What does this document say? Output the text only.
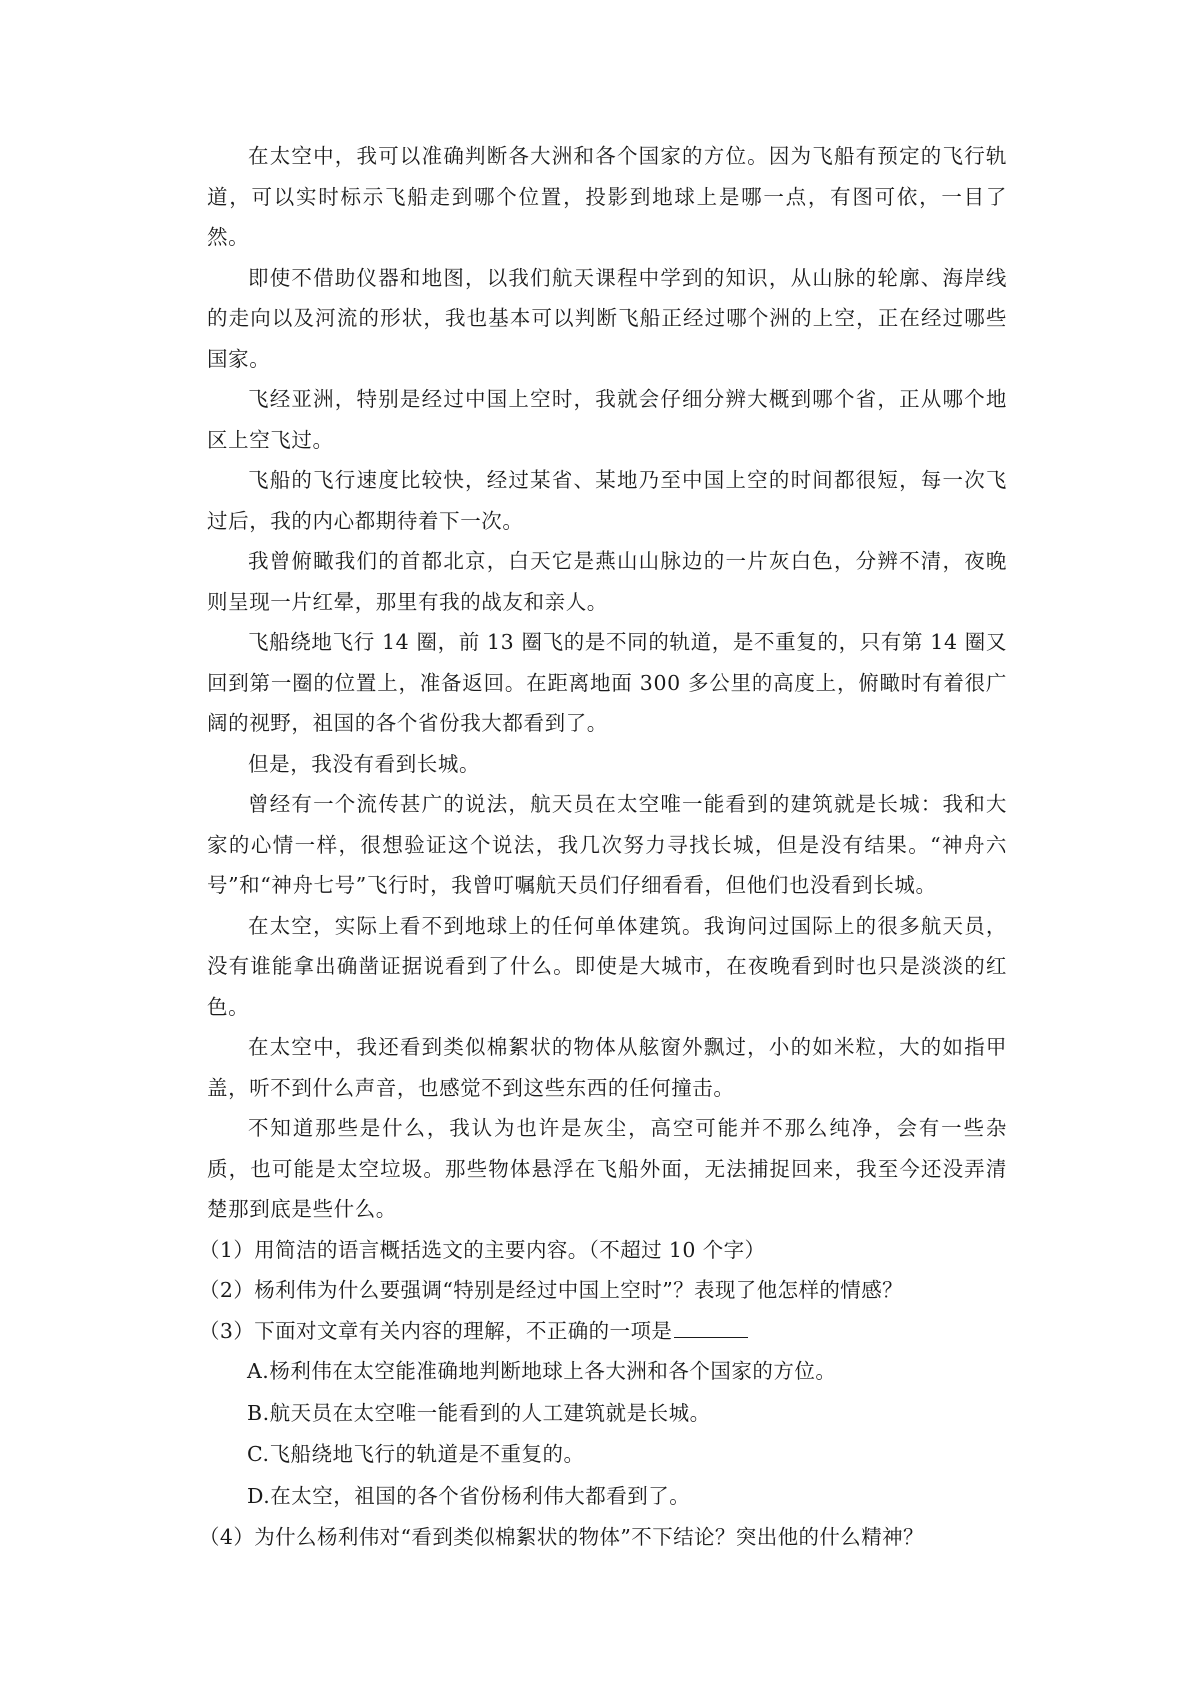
在太空中，我可以准确判断各大洲和各个国家的方位。因为飞船有预定的飞行轨道，可以实时标示飞船走到哪个位置，投影到地球上是哪一点，有图可依，一目了然。

即使不借助仪器和地图，以我们航天课程中学到的知识，从山脉的轮廓、海岸线的走向以及河流的形状，我也基本可以判断飞船正经过哪个洲的上空，正在经过哪些国家。

飞经亚洲，特别是经过中国上空时，我就会仔细分辨大概到哪个省，正从哪个地区上空飞过。

飞船的飞行速度比较快，经过某省、某地乃至中国上空的时间都很短，每一次飞过后，我的内心都期待着下一次。

我曾俯瞰我们的首都北京，白天它是燕山山脉边的一片灰白色，分辨不清，夜晚则呈现一片红晕，那里有我的战友和亲人。

飞船绕地飞行 14 圈，前 13 圈飞的是不同的轨道，是不重复的，只有第 14 圈又回到第一圈的位置上，准备返回。在距离地面 300 多公里的高度上，俯瞰时有着很广阔的视野，祖国的各个省份我大都看到了。

但是，我没有看到长城。

曾经有一个流传甚广的说法，航天员在太空唯一能看到的建筑就是长城：我和大家的心情一样，很想验证这个说法，我几次努力寻找长城，但是没有结果。“神舟六号”和“神舟七号”飞行时，我曾叮嘱航天员们仔细看看，但他们也没看到长城。

在太空，实际上看不到地球上的任何单体建筑。我询问过国际上的很多航天员，没有谁能拿出确凿证据说看到了什么。即使是大城市，在夜晚看到时也只是淡淡的红色。

在太空中，我还看到类似棉絮状的物体从舷窗外飘过，小的如米粒，大的如指甲盖，听不到什么声音，也感觉不到这些东西的任何撞击。

不知道那些是什么，我认为也许是灰尘，高空可能并不那么纯净，会有一些杂质，也可能是太空垃圾。那些物体悬浮在飞船外面，无法捕捉回来，我至今还没弄清楚那到底是些什么。

（1）用简洁的语言概括选文的主要内容。（不超过 10 个字）

（2）杨利伟为什么要强调“特别是经过中国上空时”？表现了他怎样的情感？

（3）下面对文章有关内容的理解，不正确的一项是

A.杨利伟在太空能准确地判断地球上各大洲和各个国家的方位。
B.航天员在太空唯一能看到的人工建筑就是长城。
C.飞船绕地飞行的轨道是不重复的。
D.在太空，祖国的各个省份杨利伟大都看到了。

（4）为什么杨利伟对“看到类似棉絮状的物体”不下结论？突出他的什么精神？
